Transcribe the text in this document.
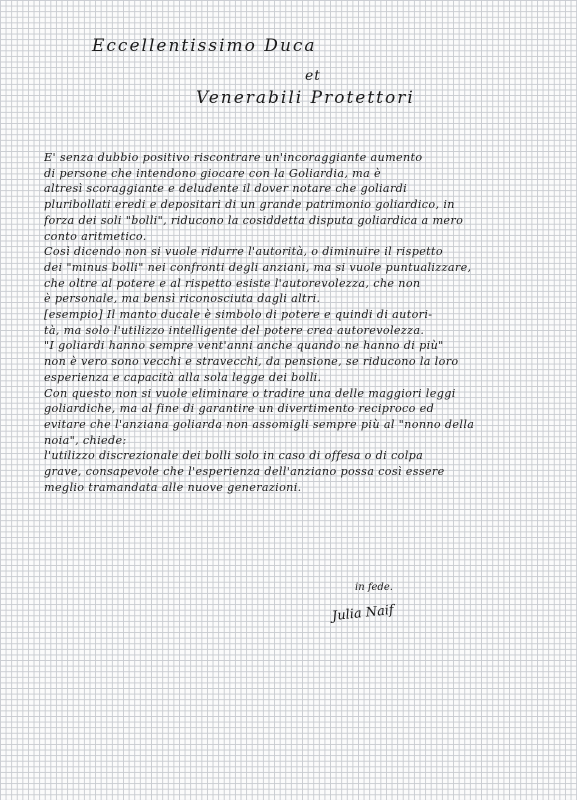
Eccellentissimo Duca
et
Venerabili Protettori
E' senza dubbio positivo riscontrare un'incoraggiante aumento
di persone che intendono giocare con la Goliardia, ma è
altresì scoraggiante e deludente il dover notare che goliardi
pluribollati eredi e depositari di un grande patrimonio goliardico, in
forza dei soli "bolli", riducono la cosiddetta disputa goliardica a mero
conto aritmetico.
Così dicendo non si vuole ridurre l'autorità, o diminuire il rispetto
dei "minus bolli" nei confronti degli anziani, ma si vuole puntualizzare,
che oltre al potere e al rispetto esiste l'autorevolezza, che non
è personale, ma bensì riconosciuta dagli altri.
[esempio] Il manto ducale è simbolo di potere e quindi di autori-
tà, ma solo l'utilizzo intelligente del potere crea autorevolezza.
"I goliardi hanno sempre vent'anni anche quando ne hanno di più"
non è vero sono vecchi e stravecchi, da pensione, se riducono la loro
esperienza e capacità alla sola legge dei bolli.
Con questo non si vuole eliminare o tradire una delle maggiori leggi
goliardiche, ma al fine di garantire un divertimento reciproco ed
evitare che l'anziana goliarda non assomigli sempre più al "nonno della
noia", chiede:
l'utilizzo discrezionale dei bolli solo in caso di offesa o di colpa
grave, consapevole che l'esperienza dell'anziano possa così essere
meglio tramandata alle nuove generazioni.
in fede.
Julia Naif
